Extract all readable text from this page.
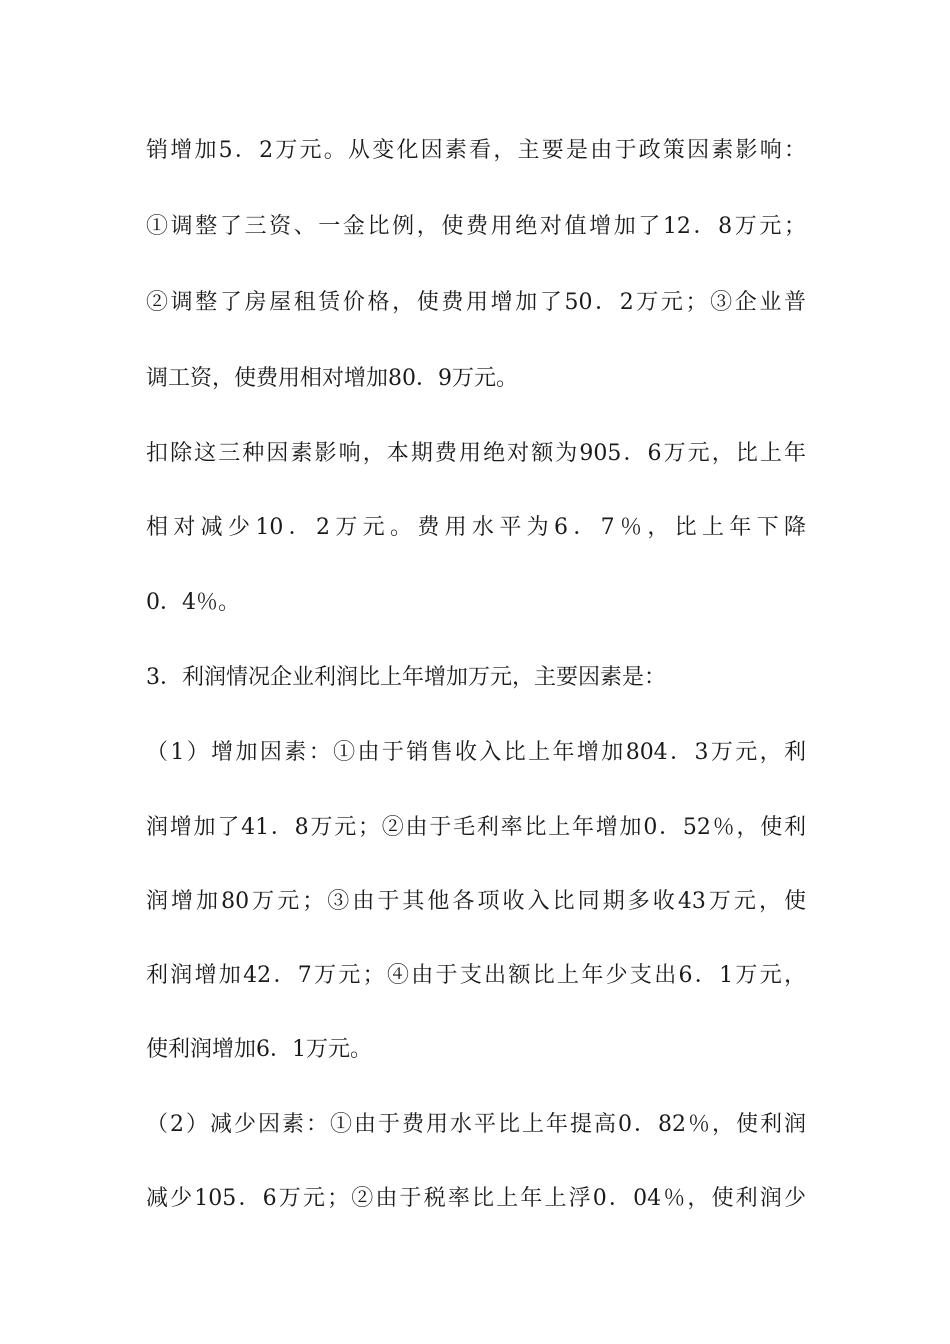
销增加5．2万元。从变化因素看，主要是由于政策因素影响：
①调整了三资、一金比例，使费用绝对值增加了12．8万元；
②调整了房屋租赁价格，使费用增加了50．2万元；③企业普
调工资，使费用相对增加80．9万元。
扣除这三种因素影响，本期费用绝对额为905．6万元，比上年
相对减少10．2万元。费用水平为6．7％，比上年下降
0．4％。
3．利润情况企业利润比上年增加万元，主要因素是：
（1）增加因素：①由于销售收入比上年增加804．3万元，利
润增加了41．8万元；②由于毛利率比上年增加0．52％，使利
润增加80万元；③由于其他各项收入比同期多收43万元，使
利润增加42．7万元；④由于支出额比上年少支出6．1万元，
使利润增加6．1万元。
（2）减少因素：①由于费用水平比上年提高0．82％，使利润
减少105．6万元；②由于税率比上年上浮0．04％，使利润少
